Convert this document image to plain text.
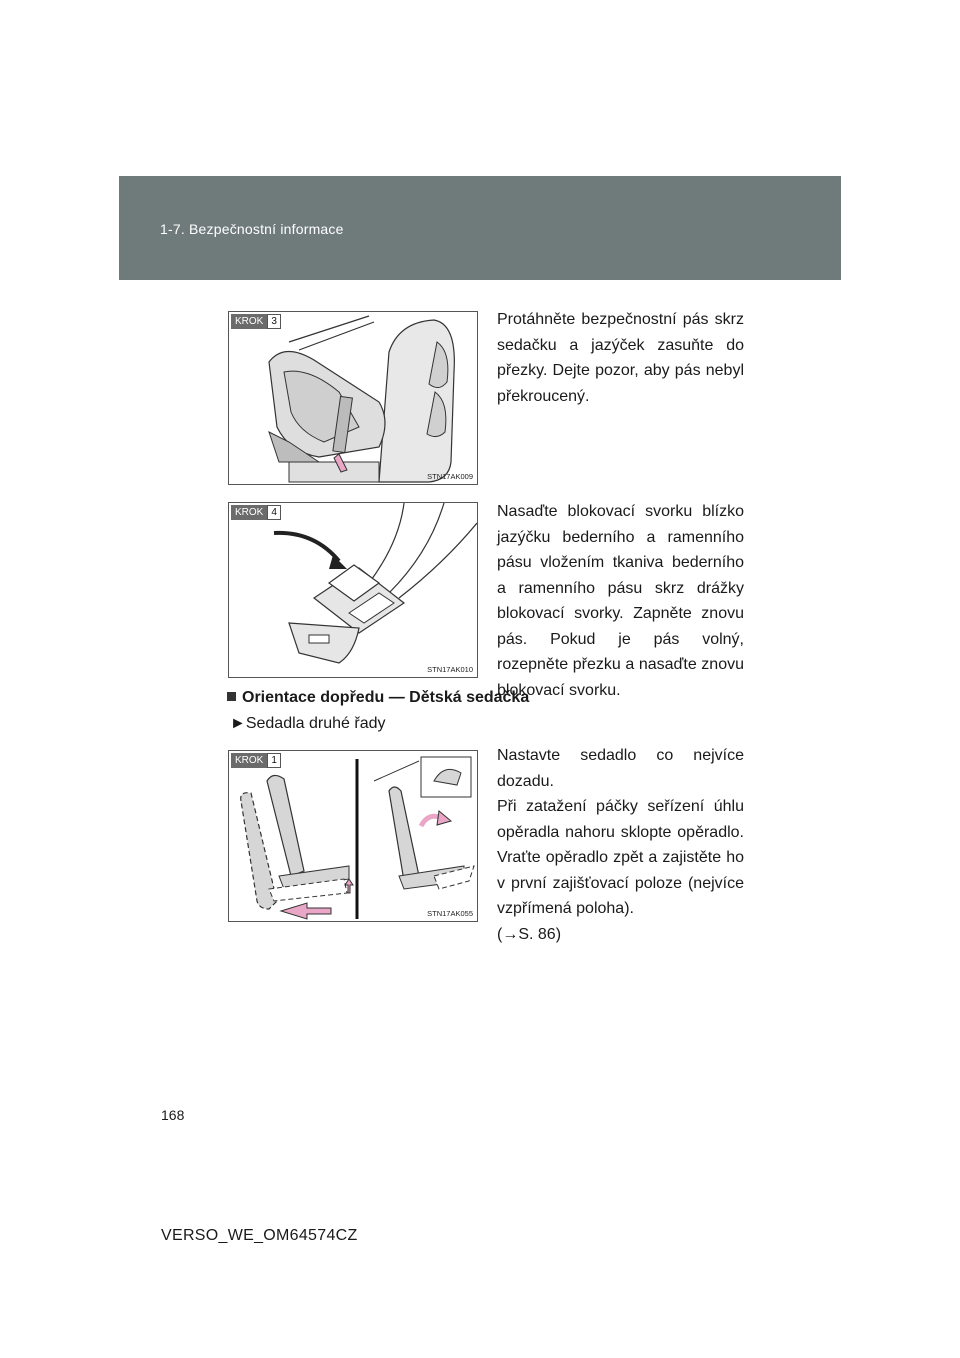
1-7. Bezpečnostní informace
KROK 3
STN17AK009
Protáhněte bezpečnostní pás skrz sedačku a jazýček zasuňte do přezky. Dejte pozor, aby pás nebyl překroucený.
KROK 4
STN17AK010
Nasaďte blokovací svorku blízko jazýčku bederního a ramenního pásu vložením tkaniva bederního a ramenního pásu skrz drážky blokovací svorky. Zapněte znovu pás. Pokud je pás volný, rozepněte přezku a nasaďte znovu blokovací svorku.
Orientace dopředu — Dětská sedačka
►Sedadla druhé řady
KROK 1
STN17AK055
Nastavte sedadlo co nejvíce dozadu.
Při zatažení páčky seřízení úhlu opěradla nahoru sklopte opěradlo. Vraťte opěradlo zpět a zajistěte ho v první zajišťovací poloze (nejvíce vzpřímená poloha).
(→S. 86)
168
VERSO_WE_OM64574CZ
